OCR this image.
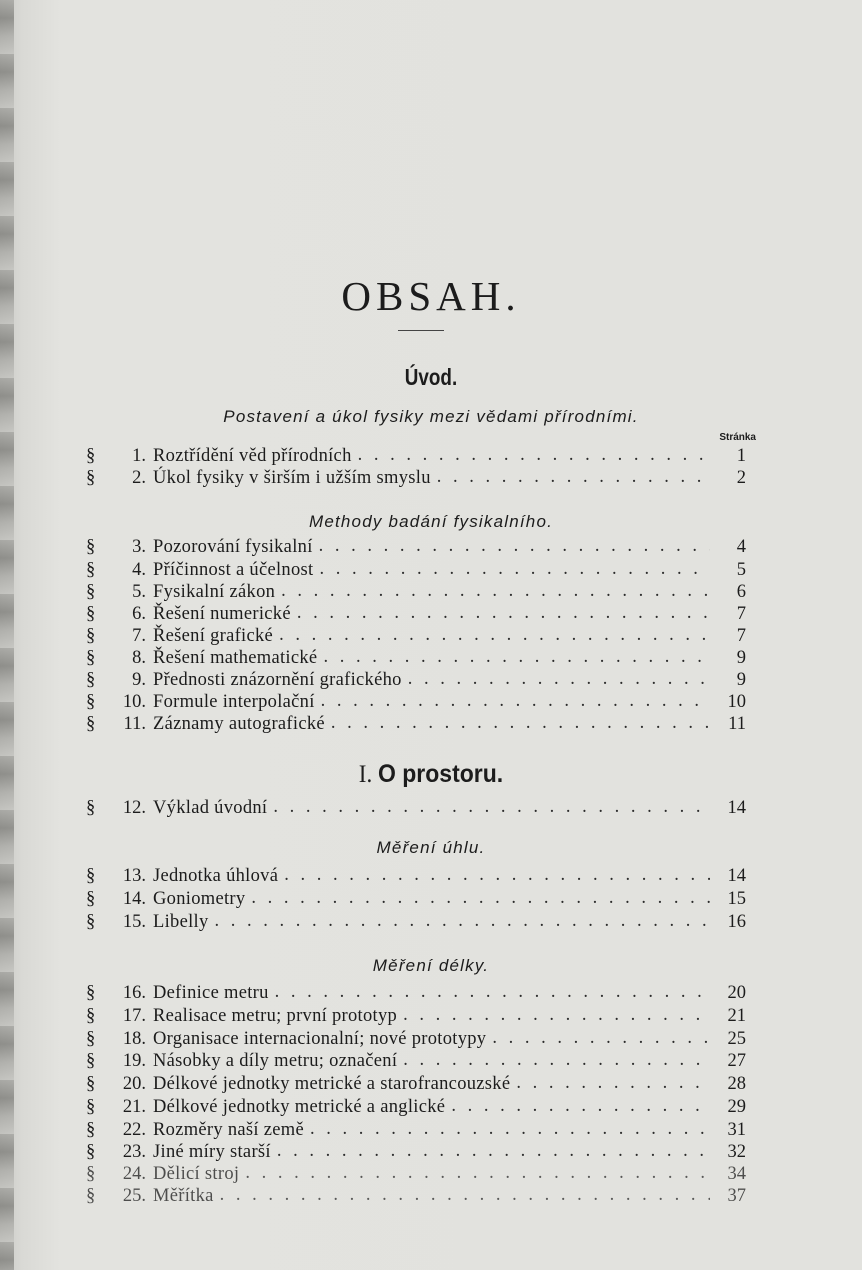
OBSAH.
Úvod.
Postavení a úkol fysiky mezi vědami přírodními.
Stránka
§	1. Roztřídění věd přírodních . . .	1
§	2. Úkol fysiky v širším i užším smyslu . . .	2
Methody badání fysikalního.
§	3. Pozorování fysikalní . . .	4
§	4. Příčinnost a účelnost . . .	5
§	5. Fysikalní zákon . . .	6
§	6. Řešení numerické . . .	7
§	7. Řešení grafické . . .	7
§	8. Řešení mathematické . . .	9
§	9. Přednosti znázornění grafického . . .	9
§	10. Formule interpolační . . .	10
§	11. Záznamy autografické . . .	11
I. O prostoru.
§	12. Výklad úvodní . . .	14
Měření úhlu.
§	13. Jednotka úhlová . . .	14
§	14. Goniometry . . .	15
§	15. Libelly . . .	16
Měření délky.
§	16. Definice metru . . .	20
§	17. Realisace metru; první prototyp . . .	21
§	18. Organisace internacionalní; nové prototypy . . .	25
§	19. Násobky a díly metru; označení . . .	27
§	20. Délkové jednotky metrické a starofrancouzské . . .	28
§	21. Délkové jednotky metrické a anglické . . .	29
§	22. Rozměry naší země . . .	31
§	23. Jiné míry starší . . .	32
§	24. Dělicí stroj . . .	34
§	25. Měřítka . . .	37
